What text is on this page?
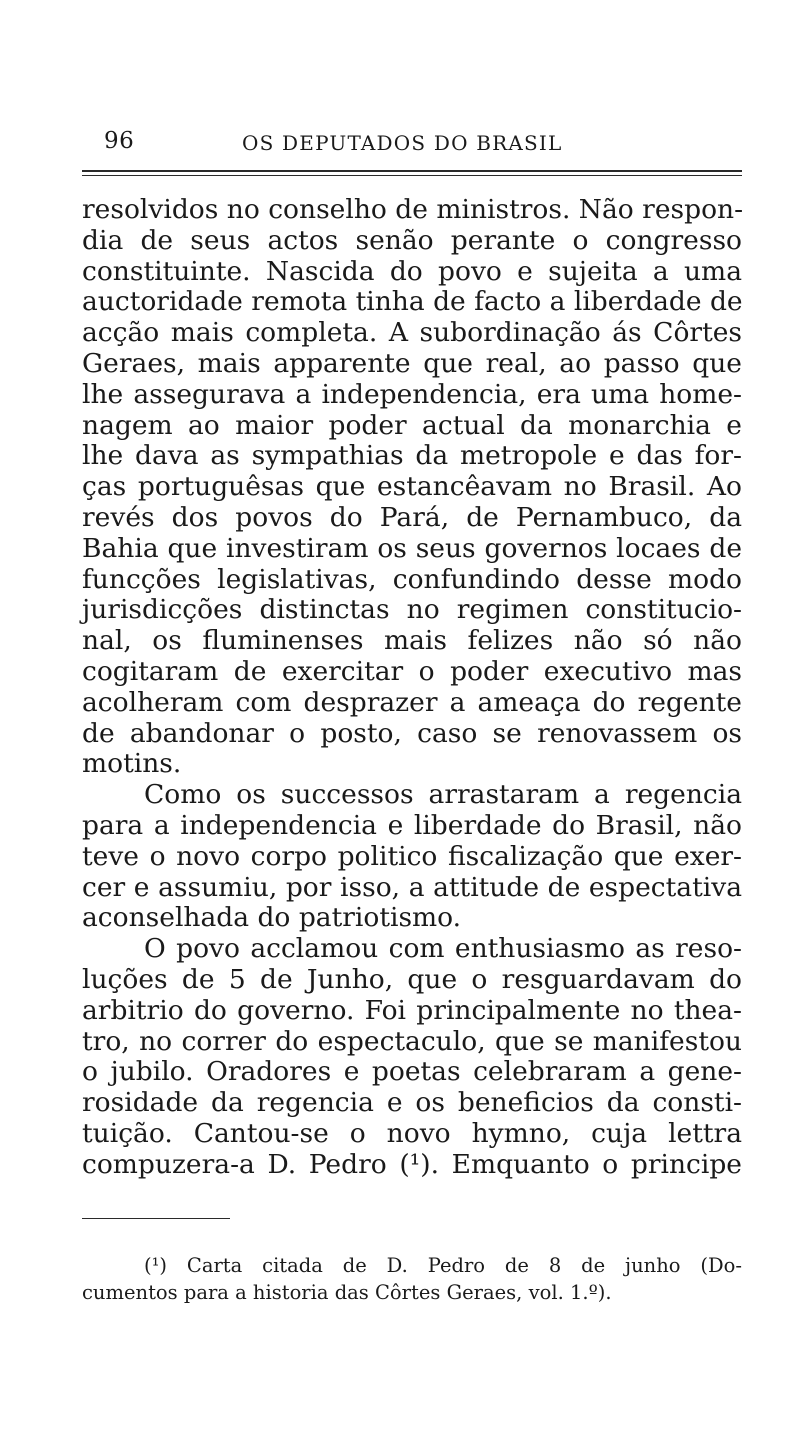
96	OS DEPUTADOS DO BRASIL
resolvidos no conselho de ministros. Não respon-
dia de seus actos senão perante o congresso
constituinte. Nascida do povo e sujeita a uma
auctoridade remota tinha de facto a liberdade de
acção mais completa. A subordinação ás Côrtes
Geraes, mais apparente que real, ao passo que
lhe assegurava a independencia, era uma home-
nagem ao maior poder actual da monarchia e
lhe dava as sympathias da metropole e das for-
ças portuguêsas que estancêavam no Brasil. Ao
revés dos povos do Pará, de Pernambuco, da
Bahia que investiram os seus governos locaes de
funcções legislativas, confundindo desse modo
jurisdicções distinctas no regimen constitucio-
nal, os fluminenses mais felizes não só não
cogitaram de exercitar o poder executivo mas
acolheram com desprazer a ameaça do regente
de abandonar o posto, caso se renovassem os
motins.
Como os successos arrastaram a regencia
para a independencia e liberdade do Brasil, não
teve o novo corpo politico fiscalização que exer-
cer e assumiu, por isso, a attitude de espectativa
aconselhada do patriotismo.
O povo acclamou com enthusiasmo as reso-
luções de 5 de Junho, que o resguardavam do
arbitrio do governo. Foi principalmente no thea-
tro, no correr do espectaculo, que se manifestou
o jubilo. Oradores e poetas celebraram a gene-
rosidade da regencia e os beneficios da consti-
tuição. Cantou-se o novo hymno, cuja lettra
compuzera-a D. Pedro (¹). Emquanto o principe
(¹) Carta citada de D. Pedro de 8 de junho (Do-
cumentos para a historia das Côrtes Geraes, vol. 1.º).
